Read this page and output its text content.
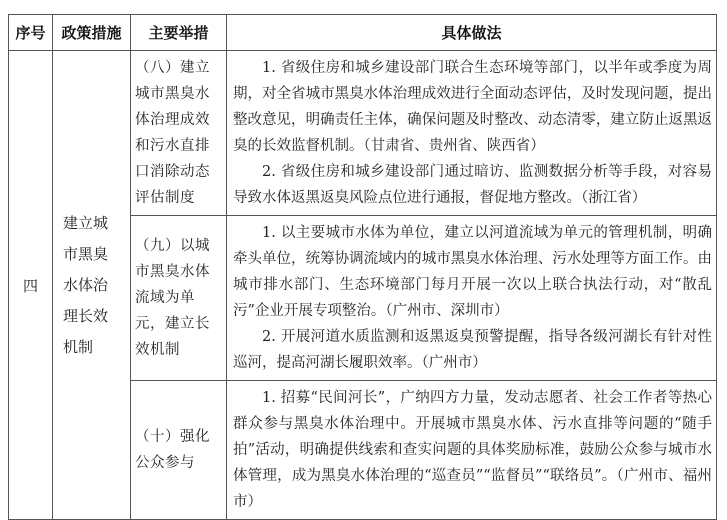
序号	政策措施	主要举措	具体做法
四	建立城市黑臭水体治理长效机制	（八）建立城市黑臭水体治理成效和污水直排口消除动态评估制度	1. 省级住房和城乡建设部门联合生态环境等部门，以半年或季度为周期，对全省城市黑臭水体治理成效进行全面动态评估，及时发现问题，提出整改意见，明确责任主体，确保问题及时整改、动态清零，建立防止返黑返臭的长效监督机制。（甘肃省、贵州省、陕西省）

2. 省级住房和城乡建设部门通过暗访、监测数据分析等手段，对容易导致水体返黑返臭风险点位进行通报，督促地方整改。（浙江省）

		（九）以城市黑臭水体流域为单元，建立长效机制	1. 以主要城市水体为单位，建立以河道流域为单元的管理机制，明确牵头单位，统筹协调流域内的城市黑臭水体治理、污水处理等方面工作。由城市排水部门、生态环境部门每月开展一次以上联合执法行动，对“散乱污”企业开展专项整治。（广州市、深圳市）

2. 开展河道水质监测和返黑返臭预警提醒，指导各级河湖长有针对性巡河，提高河湖长履职效率。（广州市）

		（十）强化公众参与	1. 招募“民间河长”，广纳四方力量，发动志愿者、社会工作者等热心群众参与黑臭水体治理中。开展城市黑臭水体、污水直排等问题的“随手拍”活动，明确提供线索和查实问题的具体奖励标准，鼓励公众参与城市水体管理，成为黑臭水体治理的“巡查员”“监督员”“联络员”。（广州市、福州市）
